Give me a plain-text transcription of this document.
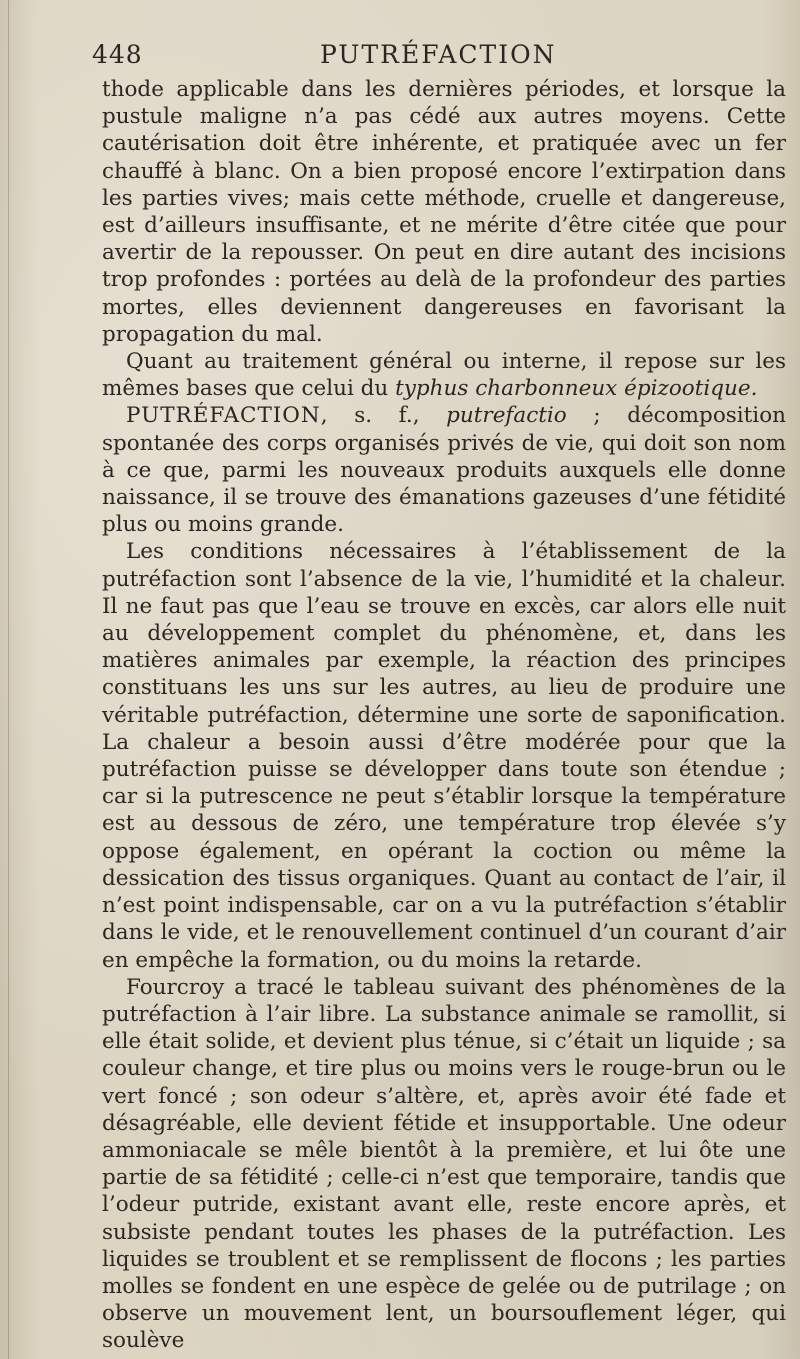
448	PUTRÉFACTION

thode applicable dans les dernières périodes, et lorsque la pustule maligne n’a pas cédé aux autres moyens. Cette cautérisation doit être inhérente, et pratiquée avec un fer chauffé à blanc. On a bien proposé encore l’extirpation dans les parties vives; mais cette méthode, cruelle et dangereuse, est d’ailleurs insuffisante, et ne mérite d’être citée que pour avertir de la repousser. On peut en dire autant des incisions trop profondes : portées au delà de la profondeur des parties mortes, elles deviennent dangereuses en favorisant la propagation du mal.

Quant au traitement général ou interne, il repose sur les mêmes bases que celui du typhus charbonneux épizootique.

PUTRÉFACTION, s. f., putrefactio ; décomposition spontanée des corps organisés privés de vie, qui doit son nom à ce que, parmi les nouveaux produits auxquels elle donne naissance, il se trouve des émanations gazeuses d’une fétidité plus ou moins grande.

Les conditions nécessaires à l’établissement de la putréfaction sont l’absence de la vie, l’humidité et la chaleur. Il ne faut pas que l’eau se trouve en excès, car alors elle nuit au développement complet du phénomène, et, dans les matières animales par exemple, la réaction des principes constituans les uns sur les autres, au lieu de produire une véritable putréfaction, détermine une sorte de saponification. La chaleur a besoin aussi d’être modérée pour que la putréfaction puisse se développer dans toute son étendue ; car si la putrescence ne peut s’établir lorsque la température est au dessous de zéro, une température trop élevée s’y oppose également, en opérant la coction ou même la dessication des tissus organiques. Quant au contact de l’air, il n’est point indispensable, car on a vu la putréfaction s’établir dans le vide, et le renouvellement continuel d’un courant d’air en empêche la formation, ou du moins la retarde.

Fourcroy a tracé le tableau suivant des phénomènes de la putréfaction à l’air libre. La substance animale se ramollit, si elle était solide, et devient plus ténue, si c’était un liquide ; sa couleur change, et tire plus ou moins vers le rouge-brun ou le vert foncé ; son odeur s’altère, et, après avoir été fade et désagréable, elle devient fétide et insupportable. Une odeur ammoniacale se mêle bientôt à la première, et lui ôte une partie de sa fétidité ; celle-ci n’est que temporaire, tandis que l’odeur putride, existant avant elle, reste encore après, et subsiste pendant toutes les phases de la putréfaction. Les liquides se troublent et se remplissent de flocons ; les parties molles se fondent en une espèce de gelée ou de putrilage ; on observe un mouvement lent, un boursouflement léger, qui soulève
